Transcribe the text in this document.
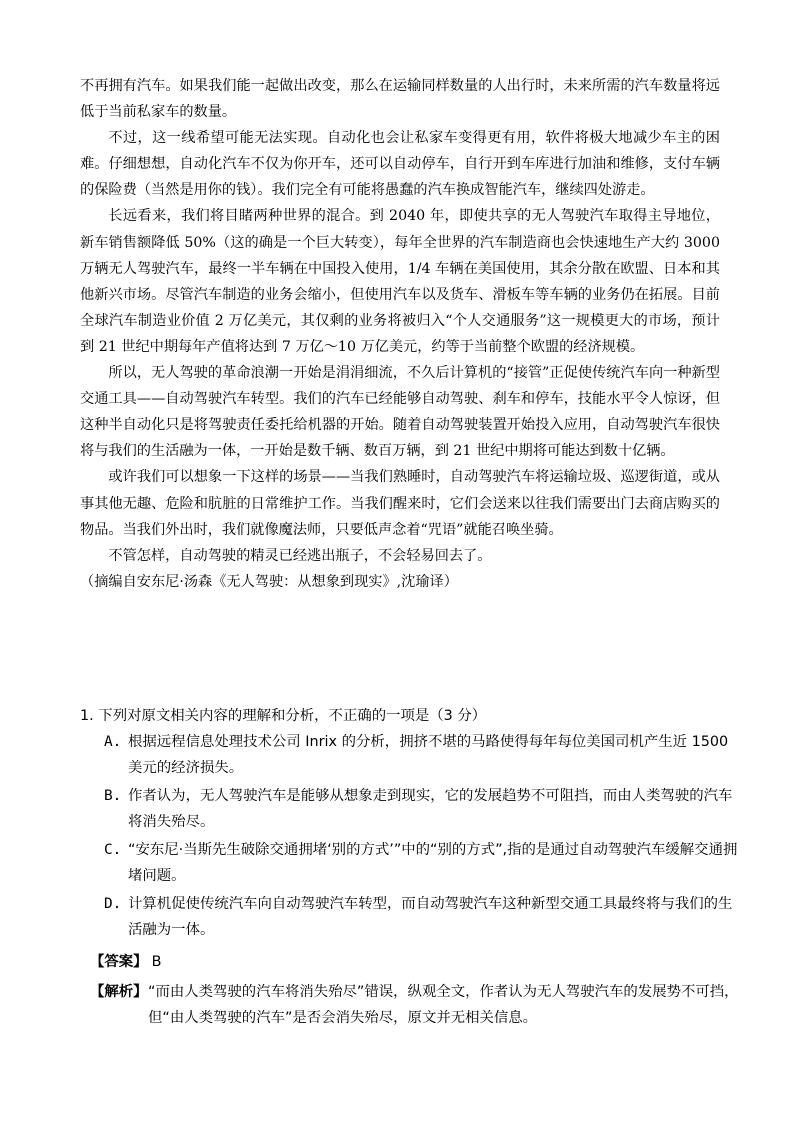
不再拥有汽车。如果我们能一起做出改变，那么在运输同样数量的人出行时，未来所需的汽车数量将远低于当前私家车的数量。

不过，这一线希望可能无法实现。自动化也会让私家车变得更有用，软件将极大地减少车主的困难。仔细想想，自动化汽车不仅为你开车，还可以自动停车，自行开到车库进行加油和维修，支付车辆的保险费（当然是用你的钱）。我们完全有可能将愚蠢的汽车换成智能汽车，继续四处游走。

长远看来，我们将目睹两种世界的混合。到 2040 年，即使共享的无人驾驶汽车取得主导地位，新车销售额降低 50%（这的确是一个巨大转变），每年全世界的汽车制造商也会快速地生产大约 3000 万辆无人驾驶汽车，最终一半车辆在中国投入使用，1/4 车辆在美国使用，其余分散在欧盟、日本和其他新兴市场。尽管汽车制造的业务会缩小，但使用汽车以及货车、滑板车等车辆的业务仍在拓展。目前全球汽车制造业价值 2 万亿美元，其仅剩的业务将被归入“个人交通服务”这一规模更大的市场，预计到 21 世纪中期每年产值将达到 7 万亿～10 万亿美元，约等于当前整个欧盟的经济规模。

所以，无人驾驶的革命浪潮一开始是涓涓细流，不久后计算机的“接管”正促使传统汽车向一种新型交通工具——自动驾驶汽车转型。我们的汽车已经能够自动驾驶、刹车和停车，技能水平令人惊讶，但这种半自动化只是将驾驶责任委托给机器的开始。随着自动驾驶装置开始投入应用，自动驾驶汽车很快将与我们的生活融为一体，一开始是数千辆、数百万辆，到 21 世纪中期将可能达到数十亿辆。

或许我们可以想象一下这样的场景——当我们熟睡时，自动驾驶汽车将运输垃圾、巡逻街道，或从事其他无趣、危险和肮脏的日常维护工作。当我们醒来时，它们会送来以往我们需要出门去商店购买的物品。当我们外出时，我们就像魔法师，只要低声念着“咒语”就能召唤坐骑。

不管怎样，自动驾驶的精灵已经逃出瓶子，不会轻易回去了。

（摘编自安东尼·汤森《无人驾驶：从想象到现实》,沈瑜译）

1. 下列对原文相关内容的理解和分析，不正确的一项是（3 分）

A. 根据远程信息处理技术公司 Inrix 的分析，拥挤不堪的马路使得每年每位美国司机产生近 1500 美元的经济损失。
B. 作者认为，无人驾驶汽车是能够从想象走到现实，它的发展趋势不可阻挡，而由人类驾驶的汽车将消失殆尽。
C. “安东尼·当斯先生破除交通拥堵‘别的方式’”中的“别的方式”,指的是通过自动驾驶汽车缓解交通拥堵问题。
D. 计算机促使传统汽车向自动驾驶汽车转型，而自动驾驶汽车这种新型交通工具最终将与我们的生活融为一体。
【答案】 B
【解析】 “而由人类驾驶的汽车将消失殆尽”错误，纵观全文，作者认为无人驾驶汽车的发展势不可挡，但“由人类驾驶的汽车”是否会消失殆尽，原文并无相关信息。
